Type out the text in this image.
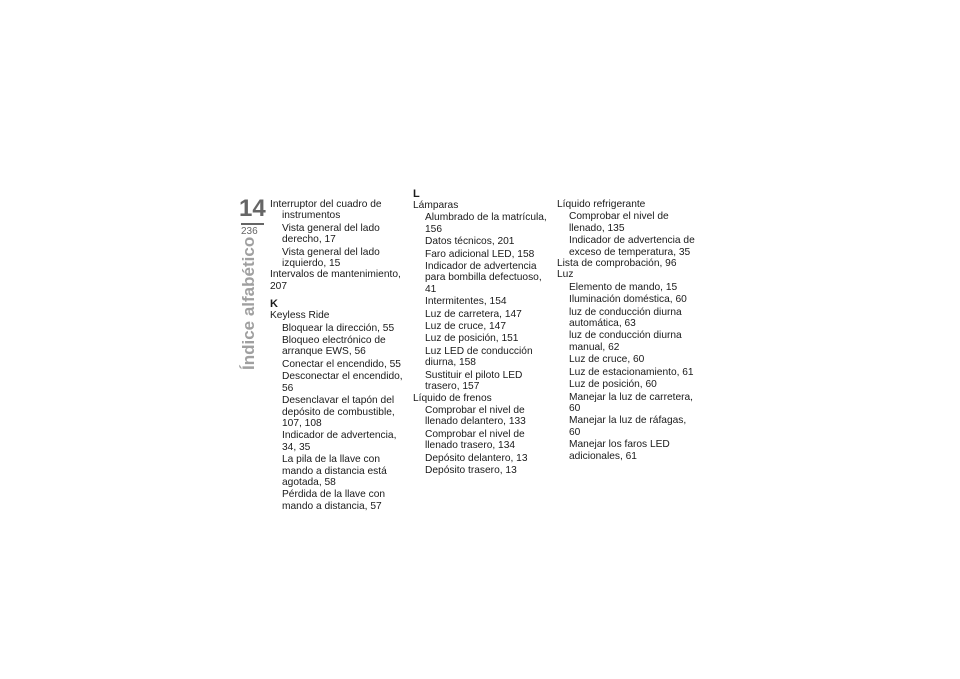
14
236
Índice alfabético
Interruptor del cuadro de
instrumentos
Vista general del lado derecho, 17
Vista general del lado izquierdo, 15
Intervalos de mantenimiento, 207
K
Keyless Ride
Bloquear la dirección, 55
Bloqueo electrónico de arranque EWS, 56
Conectar el encendido, 55
Desconectar el encendido, 56
Desenclavar el tapón del depósito de combustible, 107, 108
Indicador de advertencia, 34, 35
La pila de la llave con mando a distancia está agotada, 58
Pérdida de la llave con mando a distancia, 57
L
Lámparas
Alumbrado de la matrícula, 156
Datos técnicos, 201
Faro adicional LED, 158
Indicador de advertencia para bombilla defectuoso, 41
Intermitentes, 154
Luz de carretera, 147
Luz de cruce, 147
Luz de posición, 151
Luz LED de conducción diurna, 158
Sustituir el piloto LED trasero, 157
Líquido de frenos
Comprobar el nivel de llenado delantero, 133
Comprobar el nivel de llenado trasero, 134
Depósito delantero, 13
Depósito trasero, 13
Líquido refrigerante
Comprobar el nivel de llenado, 135
Indicador de advertencia de exceso de temperatura, 35
Lista de comprobación, 96
Luz
Elemento de mando, 15
Iluminación doméstica, 60
luz de conducción diurna automática, 63
luz de conducción diurna manual, 62
Luz de cruce, 60
Luz de estacionamiento, 61
Luz de posición, 60
Manejar la luz de carretera, 60
Manejar la luz de ráfagas, 60
Manejar los faros LED adicionales, 61
